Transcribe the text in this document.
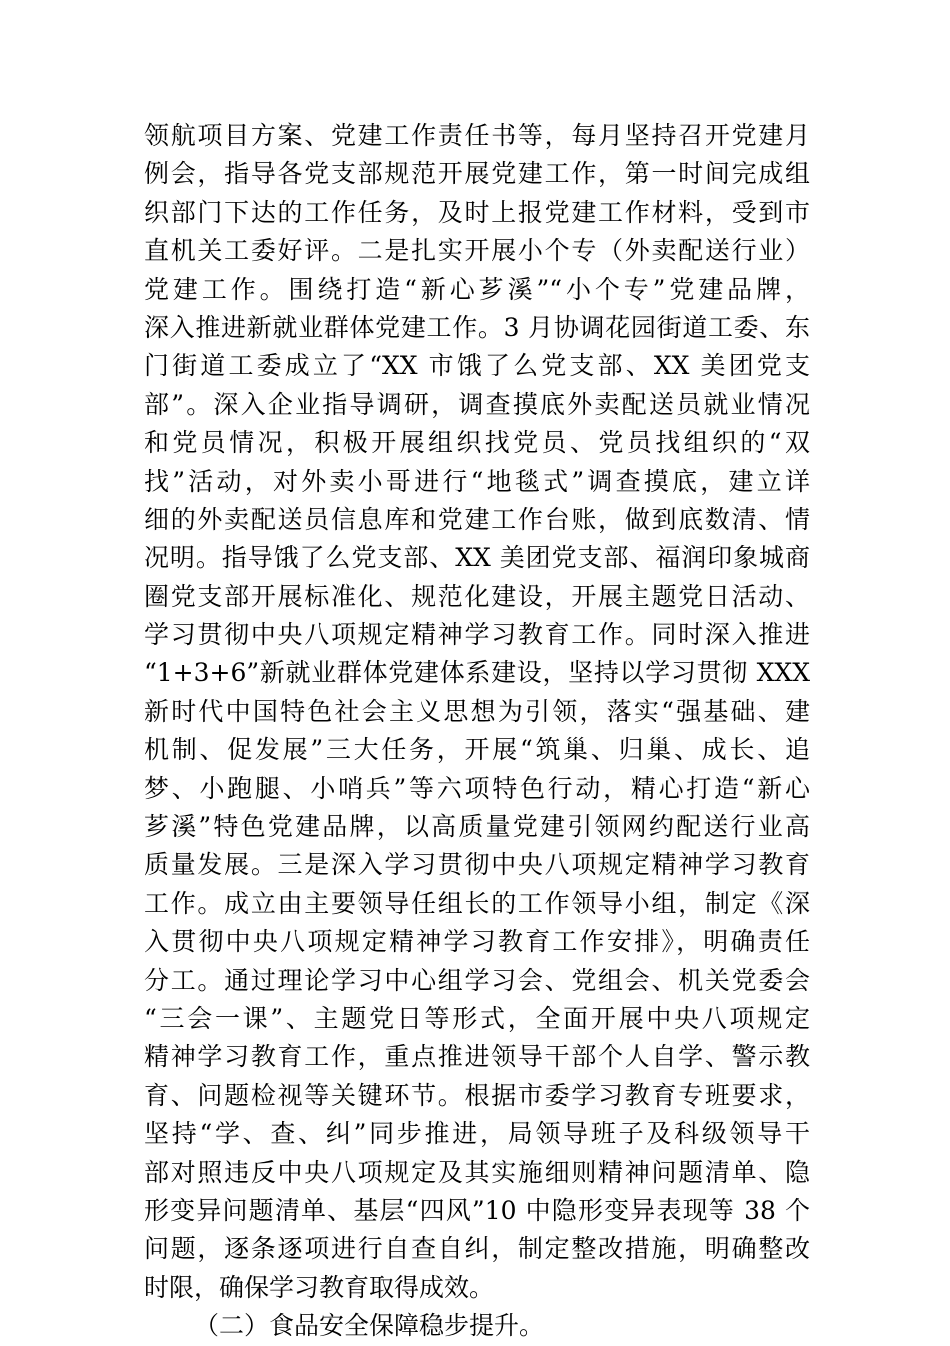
领航项目方案、党建工作责任书等，每月坚持召开党建月
例会，指导各党支部规范开展党建工作，第一时间完成组
织部门下达的工作任务，及时上报党建工作材料，受到市
直机关工委好评。二是扎实开展小个专（外卖配送行业）
党建工作。围绕打造“新心芗溪”“小个专”党建品牌，
深入推进新就业群体党建工作。3 月协调花园街道工委、东
门街道工委成立了“XX 市饿了么党支部、XX 美团党支
部”。深入企业指导调研，调查摸底外卖配送员就业情况
和党员情况，积极开展组织找党员、党员找组织的“双
找”活动，对外卖小哥进行“地毯式”调查摸底，建立详
细的外卖配送员信息库和党建工作台账，做到底数清、情
况明。指导饿了么党支部、XX 美团党支部、福润印象城商
圈党支部开展标准化、规范化建设，开展主题党日活动、
学习贯彻中央八项规定精神学习教育工作。同时深入推进
“1+3+6”新就业群体党建体系建设，坚持以学习贯彻 XXX
新时代中国特色社会主义思想为引领，落实“强基础、建
机制、促发展”三大任务，开展“筑巢、归巢、成长、追
梦、小跑腿、小哨兵”等六项特色行动，精心打造“新心
芗溪”特色党建品牌，以高质量党建引领网约配送行业高
质量发展。三是深入学习贯彻中央八项规定精神学习教育
工作。成立由主要领导任组长的工作领导小组，制定《深
入贯彻中央八项规定精神学习教育工作安排》，明确责任
分工。通过理论学习中心组学习会、党组会、机关党委会
“三会一课”、主题党日等形式，全面开展中央八项规定
精神学习教育工作，重点推进领导干部个人自学、警示教
育、问题检视等关键环节。根据市委学习教育专班要求，
坚持“学、查、纠”同步推进，局领导班子及科级领导干
部对照违反中央八项规定及其实施细则精神问题清单、隐
形变异问题清单、基层“四风”10 中隐形变异表现等 38 个
问题，逐条逐项进行自查自纠，制定整改措施，明确整改
时限，确保学习教育取得成效。
（二）食品安全保障稳步提升。
